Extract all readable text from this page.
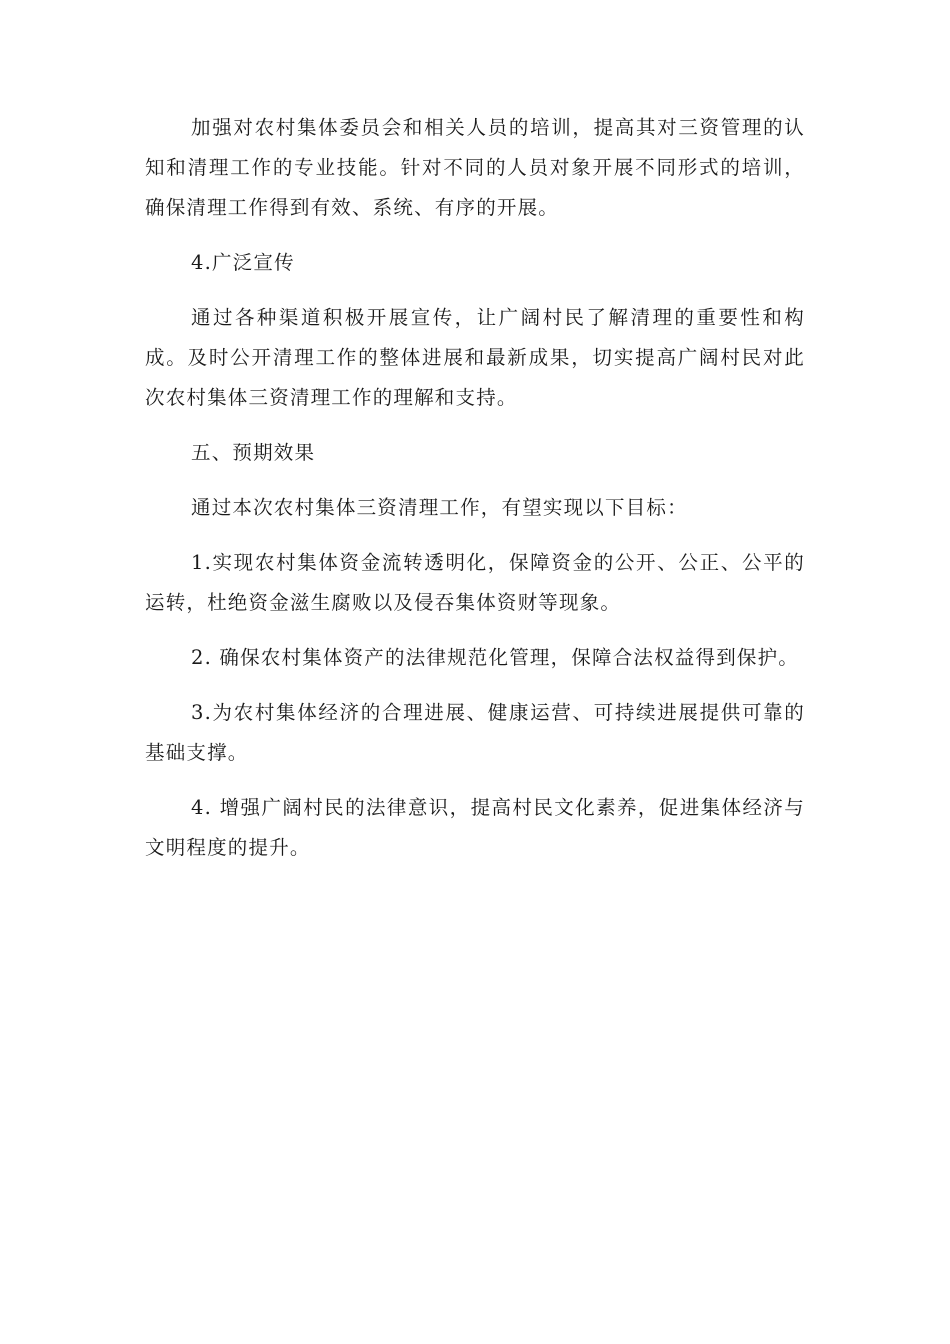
加强对农村集体委员会和相关人员的培训，提高其对三资管理的认知和清理工作的专业技能。针对不同的人员对象开展不同形式的培训，确保清理工作得到有效、系统、有序的开展。

4.广泛宣传

通过各种渠道积极开展宣传，让广阔村民了解清理的重要性和构成。及时公开清理工作的整体进展和最新成果，切实提高广阔村民对此次农村集体三资清理工作的理解和支持。

五、预期效果

通过本次农村集体三资清理工作，有望实现以下目标：

1.实现农村集体资金流转透明化，保障资金的公开、公正、公平的运转，杜绝资金滋生腐败以及侵吞集体资财等现象。

2. 确保农村集体资产的法律规范化管理，保障合法权益得到保护。

3.为农村集体经济的合理进展、健康运营、可持续进展提供可靠的基础支撑。

4. 增强广阔村民的法律意识，提高村民文化素养，促进集体经济与文明程度的提升。
